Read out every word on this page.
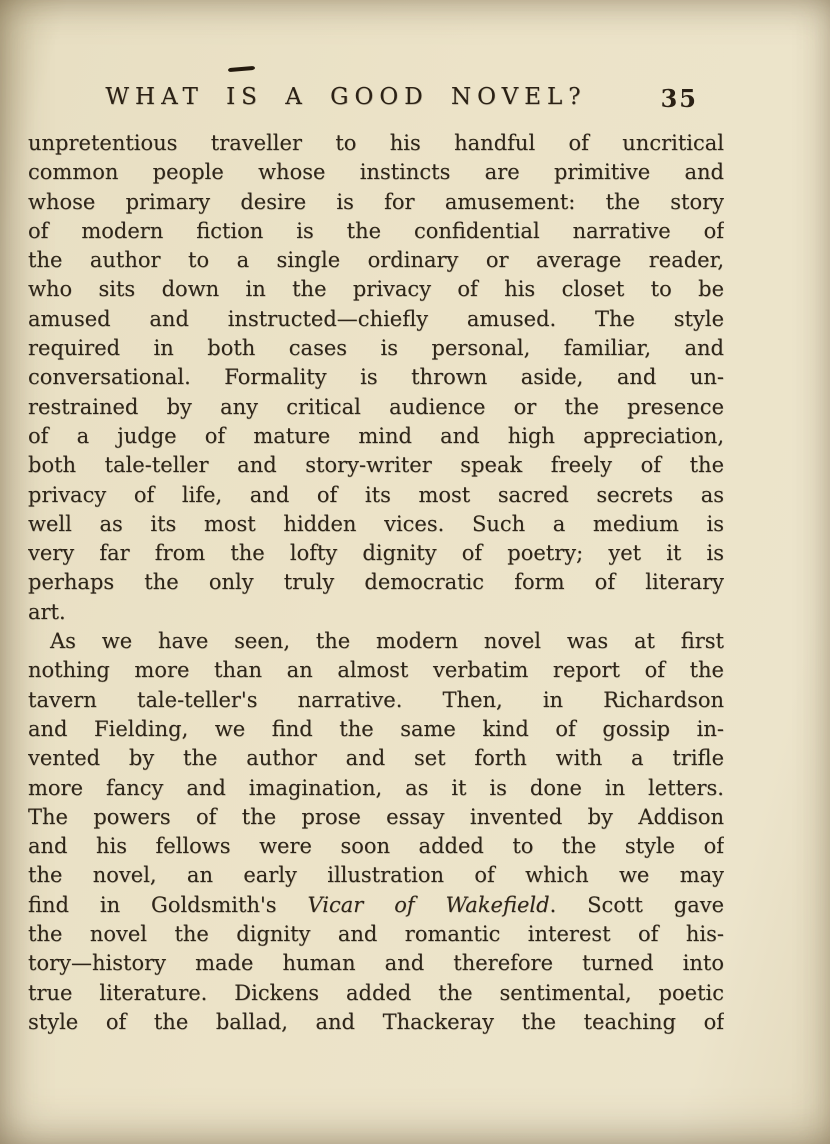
WHAT IS A GOOD NOVEL?	35
unpretentious traveller to his handful of uncritical
common people whose instincts are primitive and
whose primary desire is for amusement: the story
of modern fiction is the confidential narrative of
the author to a single ordinary or average reader,
who sits down in the privacy of his closet to be
amused and instructed—chiefly amused. The style
required in both cases is personal, familiar, and
conversational. Formality is thrown aside, and un-
restrained by any critical audience or the presence
of a judge of mature mind and high appreciation,
both tale-teller and story-writer speak freely of the
privacy of life, and of its most sacred secrets as
well as its most hidden vices. Such a medium is
very far from the lofty dignity of poetry; yet it is
perhaps the only truly democratic form of literary
art.
As we have seen, the modern novel was at first
nothing more than an almost verbatim report of the
tavern tale-teller's narrative. Then, in Richardson
and Fielding, we find the same kind of gossip in-
vented by the author and set forth with a trifle
more fancy and imagination, as it is done in letters.
The powers of the prose essay invented by Addison
and his fellows were soon added to the style of
the novel, an early illustration of which we may
find in Goldsmith's Vicar of Wakefield. Scott gave
the novel the dignity and romantic interest of his-
tory—history made human and therefore turned into
true literature. Dickens added the sentimental, poetic
style of the ballad, and Thackeray the teaching of
